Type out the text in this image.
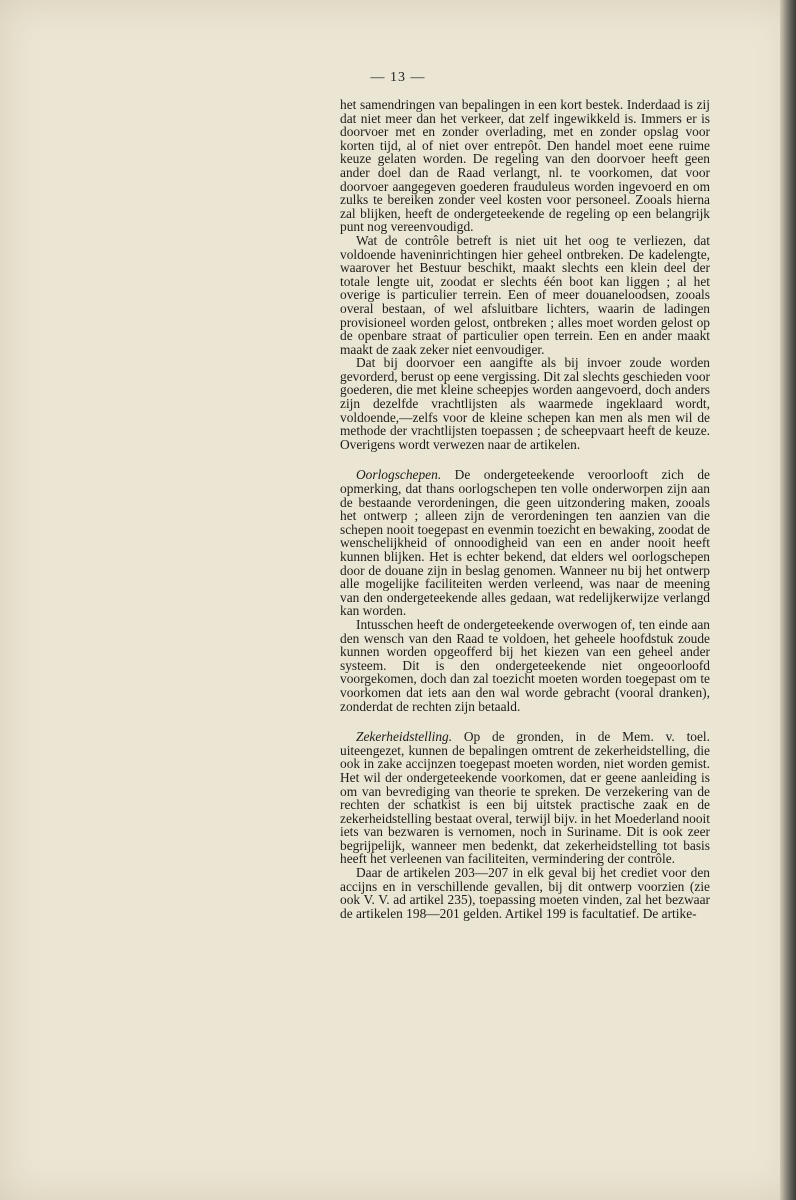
— 13 —

het samendringen van bepalingen in een kort bestek. Inderdaad is zij dat niet meer dan het verkeer, dat zelf ingewikkeld is. Immers er is doorvoer met en zonder overlading, met en zonder opslag voor korten tijd, al of niet over entrepôt. Den handel moet eene ruime keuze gelaten worden. De regeling van den doorvoer heeft geen ander doel dan de Raad verlangt, nl. te voorkomen, dat voor doorvoer aangegeven goederen frauduleus worden ingevoerd en om zulks te bereiken zonder veel kosten voor personeel. Zooals hierna zal blijken, heeft de ondergeteekende de regeling op een belangrijk punt nog vereenvoudigd.

Wat de contrôle betreft is niet uit het oog te verliezen, dat voldoende haveninrichtingen hier geheel ontbreken. De kadelengte, waarover het Bestuur beschikt, maakt slechts een klein deel der totale lengte uit, zoodat er slechts één boot kan liggen ; al het overige is particulier terrein. Een of meer douaneloodsen, zooals overal bestaan, of wel afsluitbare lichters, waarin de ladingen provisioneel worden gelost, ontbreken ; alles moet worden gelost op de openbare straat of particulier open terrein. Een en ander maakt maakt de zaak zeker niet eenvoudiger.

Dat bij doorvoer een aangifte als bij invoer zoude worden gevorderd, berust op eene vergissing. Dit zal slechts geschieden voor goederen, die met kleine scheepjes worden aangevoerd, doch anders zijn dezelfde vrachtlijsten als waarmede ingeklaard wordt, voldoende,—zelfs voor de kleine schepen kan men als men wil de methode der vrachtlijsten toepassen ; de scheepvaart heeft de keuze. Overigens wordt verwezen naar de artikelen.

Oorlogschepen. De ondergeteekende veroorlooft zich de opmerking, dat thans oorlogschepen ten volle onderworpen zijn aan de bestaande verordeningen, die geen uitzondering maken, zooals het ontwerp ; alleen zijn de verordeningen ten aanzien van die schepen nooit toegepast en evenmin toezicht en bewaking, zoodat de wenschelijkheid of onnoodigheid van een en ander nooit heeft kunnen blijken. Het is echter bekend, dat elders wel oorlogschepen door de douane zijn in beslag genomen. Wanneer nu bij het ontwerp alle mogelijke faciliteiten werden verleend, was naar de meening van den ondergeteekende alles gedaan, wat redelijkerwijze verlangd kan worden.

Intusschen heeft de ondergeteekende overwogen of, ten einde aan den wensch van den Raad te voldoen, het geheele hoofdstuk zoude kunnen worden opgeofferd bij het kiezen van een geheel ander systeem. Dit is den ondergeteekende niet ongeoorloofd voorgekomen, doch dan zal toezicht moeten worden toegepast om te voorkomen dat iets aan den wal worde gebracht (vooral dranken), zonderdat de rechten zijn betaald.

Zekerheidstelling. Op de gronden, in de Mem. v. toel. uiteengezet, kunnen de bepalingen omtrent de zekerheidstelling, die ook in zake accijnzen toegepast moeten worden, niet worden gemist. Het wil der ondergeteekende voorkomen, dat er geene aanleiding is om van bevrediging van theorie te spreken. De verzekering van de rechten der schatkist is een bij uitstek practische zaak en de zekerheidstelling bestaat overal, terwijl bijv. in het Moederland nooit iets van bezwaren is vernomen, noch in Suriname. Dit is ook zeer begrijpelijk, wanneer men bedenkt, dat zekerheidstelling tot basis heeft het verleenen van faciliteiten, vermindering der contrôle.

Daar de artikelen 203—207 in elk geval bij het crediet voor den accijns en in verschillende gevallen, bij dit ontwerp voorzien (zie ook V. V. ad artikel 235), toepassing moeten vinden, zal het bezwaar de artikelen 198—201 gelden. Artikel 199 is facultatief. De artike-
